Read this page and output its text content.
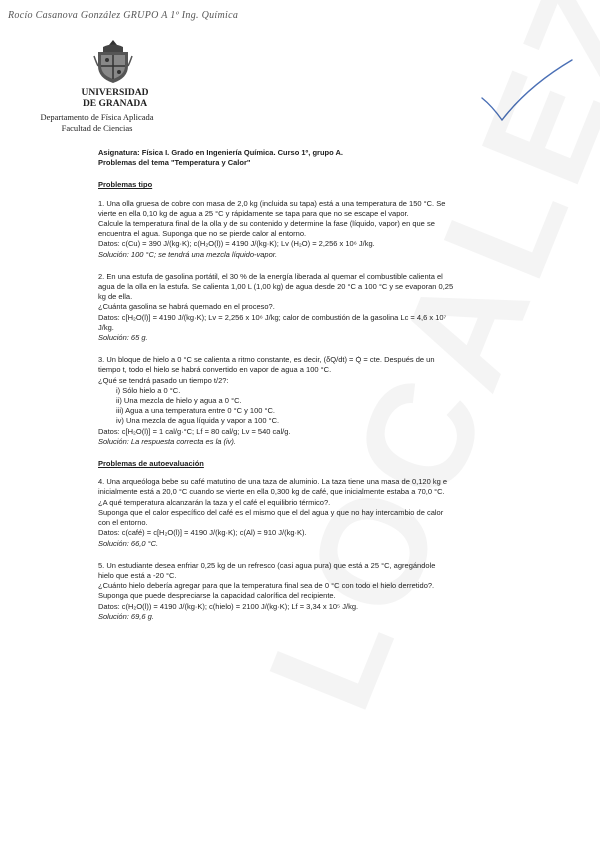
Rocío Casanova González GRUPO A 1º Ing. Química
UNIVERSIDAD
DE GRANADA
Departamento de Física Aplicada
Facultad de Ciencias
Asignatura: Física I. Grado en Ingeniería Química. Curso 1º, grupo A.
Problemas del tema "Temperatura y Calor"
Problemas tipo
1. Una olla gruesa de cobre con masa de 2,0 kg (incluida su tapa) está a una temperatura de 150 °C. Se
vierte en ella 0,10 kg de agua a 25 °C y rápidamente se tapa para que no se escape el vapor.
Calcule la temperatura final de la olla y de su contenido y determine la fase (líquido, vapor) en que se
encuentra el agua. Suponga que no se pierde calor al entorno.
Datos: c(Cu) = 390 J/(kg·K); c(H₂O(l)) = 4190 J/(kg·K); Lv (H₂O) = 2,256 x 10⁶ J/kg.
Solución: 100 °C; se tendrá una mezcla líquido-vapor.
2. En una estufa de gasolina portátil, el 30 % de la energía liberada al quemar el combustible calienta el
agua de la olla en la estufa. Se calienta 1,00 L (1,00 kg) de agua desde 20 °C a 100 °C y se evaporan 0,25
kg de ella.
¿Cuánta gasolina se habrá quemado en el proceso?.
Datos: c[H₂O(l)] = 4190 J/(kg·K); Lv = 2,256 x 10⁶ J/kg; calor de combustión de la gasolina Lc = 4,6 x 10⁷
J/kg.
Solución: 65 g.
3. Un bloque de hielo a 0 °C se calienta a ritmo constante, es decir, (δQ/dt) = Q̇ = cte. Después de un
tiempo t, todo el hielo se habrá convertido en vapor de agua a 100 °C.
¿Qué se tendrá pasado un tiempo t/2?:
i) Sólo hielo a 0 °C.
ii) Una mezcla de hielo y agua a 0 °C.
iii) Agua a una temperatura entre 0 °C y 100 °C.
iv) Una mezcla de agua líquida y vapor a 100 °C.
Datos: c[H₂O(l)] = 1 cal/g·°C; Lf = 80 cal/g; Lv = 540 cal/g.
Solución: La respuesta correcta es la (iv).
Problemas de autoevaluación
4. Una arqueóloga bebe su café matutino de una taza de aluminio. La taza tiene una masa de 0,120 kg e
inicialmente está a 20,0 °C cuando se vierte en ella 0,300 kg de café, que inicialmente estaba a 70,0 °C.
¿A qué temperatura alcanzarán la taza y el café el equilibrio térmico?.
Suponga que el calor específico del café es el mismo que el del agua y que no hay intercambio de calor
con el entorno.
Datos: c(café) = c[H₂O(l)] = 4190 J/(kg·K); c(Al) = 910 J/(kg·K).
Solución: 66,0 °C.
5. Un estudiante desea enfriar 0,25 kg de un refresco (casi agua pura) que está a 25 °C, agregándole
hielo que está a -20 °C.
¿Cuánto hielo debería agregar para que la temperatura final sea de 0 °C con todo el hielo derretido?.
Suponga que puede despreciarse la capacidad calorífica del recipiente.
Datos: c(H₂O(l)) = 4190 J/(kg·K); c(hielo) = 2100 J/(kg·K); Lf = 3,34 x 10⁵ J/kg.
Solución: 69,6 g.
